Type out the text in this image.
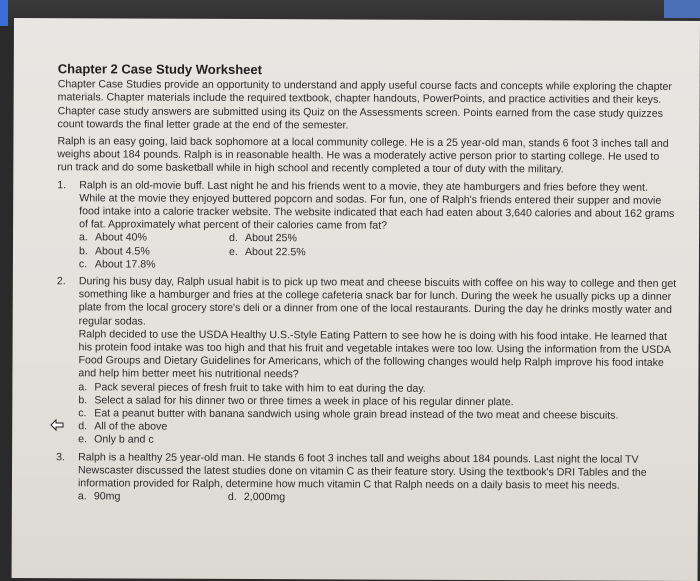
Chapter 2 Case Study Worksheet

Chapter Case Studies provide an opportunity to understand and apply useful course facts and concepts while exploring the chapter materials. Chapter materials include the required textbook, chapter handouts, PowerPoints, and practice activities and their keys. Chapter case study answers are submitted using its Quiz on the Assessments screen. Points earned from the case study quizzes count towards the final letter grade at the end of the semester.

Ralph is an easy going, laid back sophomore at a local community college. He is a 25 year-old man, stands 6 foot 3 inches tall and weighs about 184 pounds. Ralph is in reasonable health. He was a moderately active person prior to starting college. He used to run track and do some basketball while in high school and recently completed a tour of duty with the military.

1.	Ralph is an old-movie buff. Last night he and his friends went to a movie, they ate hamburgers and fries before they went. While at the movie they enjoyed buttered popcorn and sodas. For fun, one of Ralph's friends entered their supper and movie food intake into a calorie tracker website. The website indicated that each had eaten about 3,640 calories and about 162 grams of fat. Approximately what percent of their calories came from fat?
a. About 40%	d. About 25%
b. About 4.5%	e. About 22.5%
c. About 17.8%
2.	During his busy day, Ralph usual habit is to pick up two meat and cheese biscuits with coffee on his way to college and then get something like a hamburger and fries at the college cafeteria snack bar for lunch. During the week he usually picks up a dinner plate from the local grocery store's deli or a dinner from one of the local restaurants. During the day he drinks mostly water and regular sodas.
Ralph decided to use the USDA Healthy U.S.-Style Eating Pattern to see how he is doing with his food intake. He learned that his protein food intake was too high and that his fruit and vegetable intakes were too low. Using the information from the USDA Food Groups and Dietary Guidelines for Americans, which of the following changes would help Ralph improve his food intake and help him better meet his nutritional needs?
a. Pack several pieces of fresh fruit to take with him to eat during the day.
b. Select a salad for his dinner two or three times a week in place of his regular dinner plate.
c. Eat a peanut butter with banana sandwich using whole grain bread instead of the two meat and cheese biscuits.
d. All of the above
e. Only b and c
3.	Ralph is a healthy 25 year-old man. He stands 6 foot 3 inches tall and weighs about 184 pounds. Last night the local TV Newscaster discussed the latest studies done on vitamin C as their feature story. Using the textbook's DRI Tables and the information provided for Ralph, determine how much vitamin C that Ralph needs on a daily basis to meet his needs.
a. 90mg	d. 2,000mg
